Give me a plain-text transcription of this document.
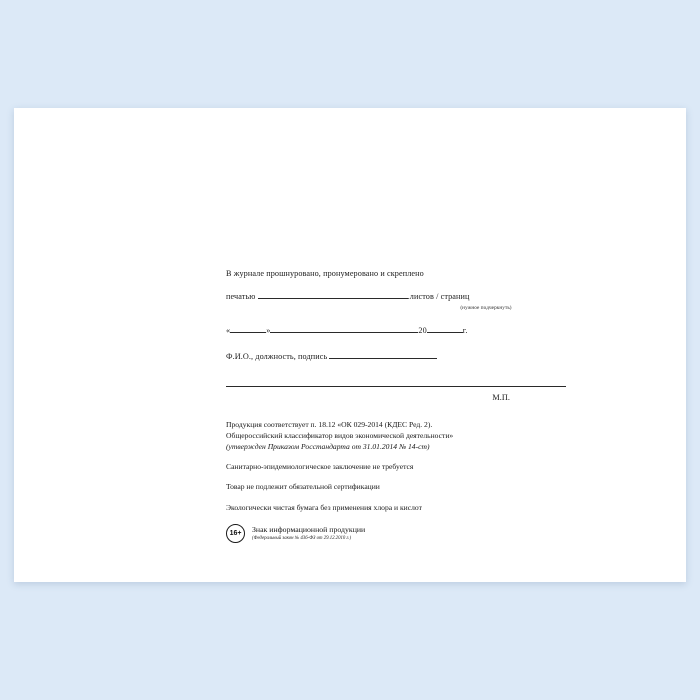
В журнале прошнуровано, пронумеровано и скреплено
печатью	.листов / страниц
(нужное подчеркнуть)
«	»	20	г.
Ф.И.О., должность, подпись
М.П.
Продукция соответствует п. 18.12 «ОК 029-2014 (КДЕС Ред. 2).
Общероссийский классификатор видов экономической деятельности»
(утвержден Приказом Росстандарта от 31.01.2014 № 14-ст)
Санитарно-эпидемиологическое заключение не требуется
Товар не подлежит обязательной сертификации
Экологически чистая бумага без применения хлора и кислот
16+	Знак информационной продукции
(Федеральный закон № 436-ФЗ от 29.12.2010 г.)
